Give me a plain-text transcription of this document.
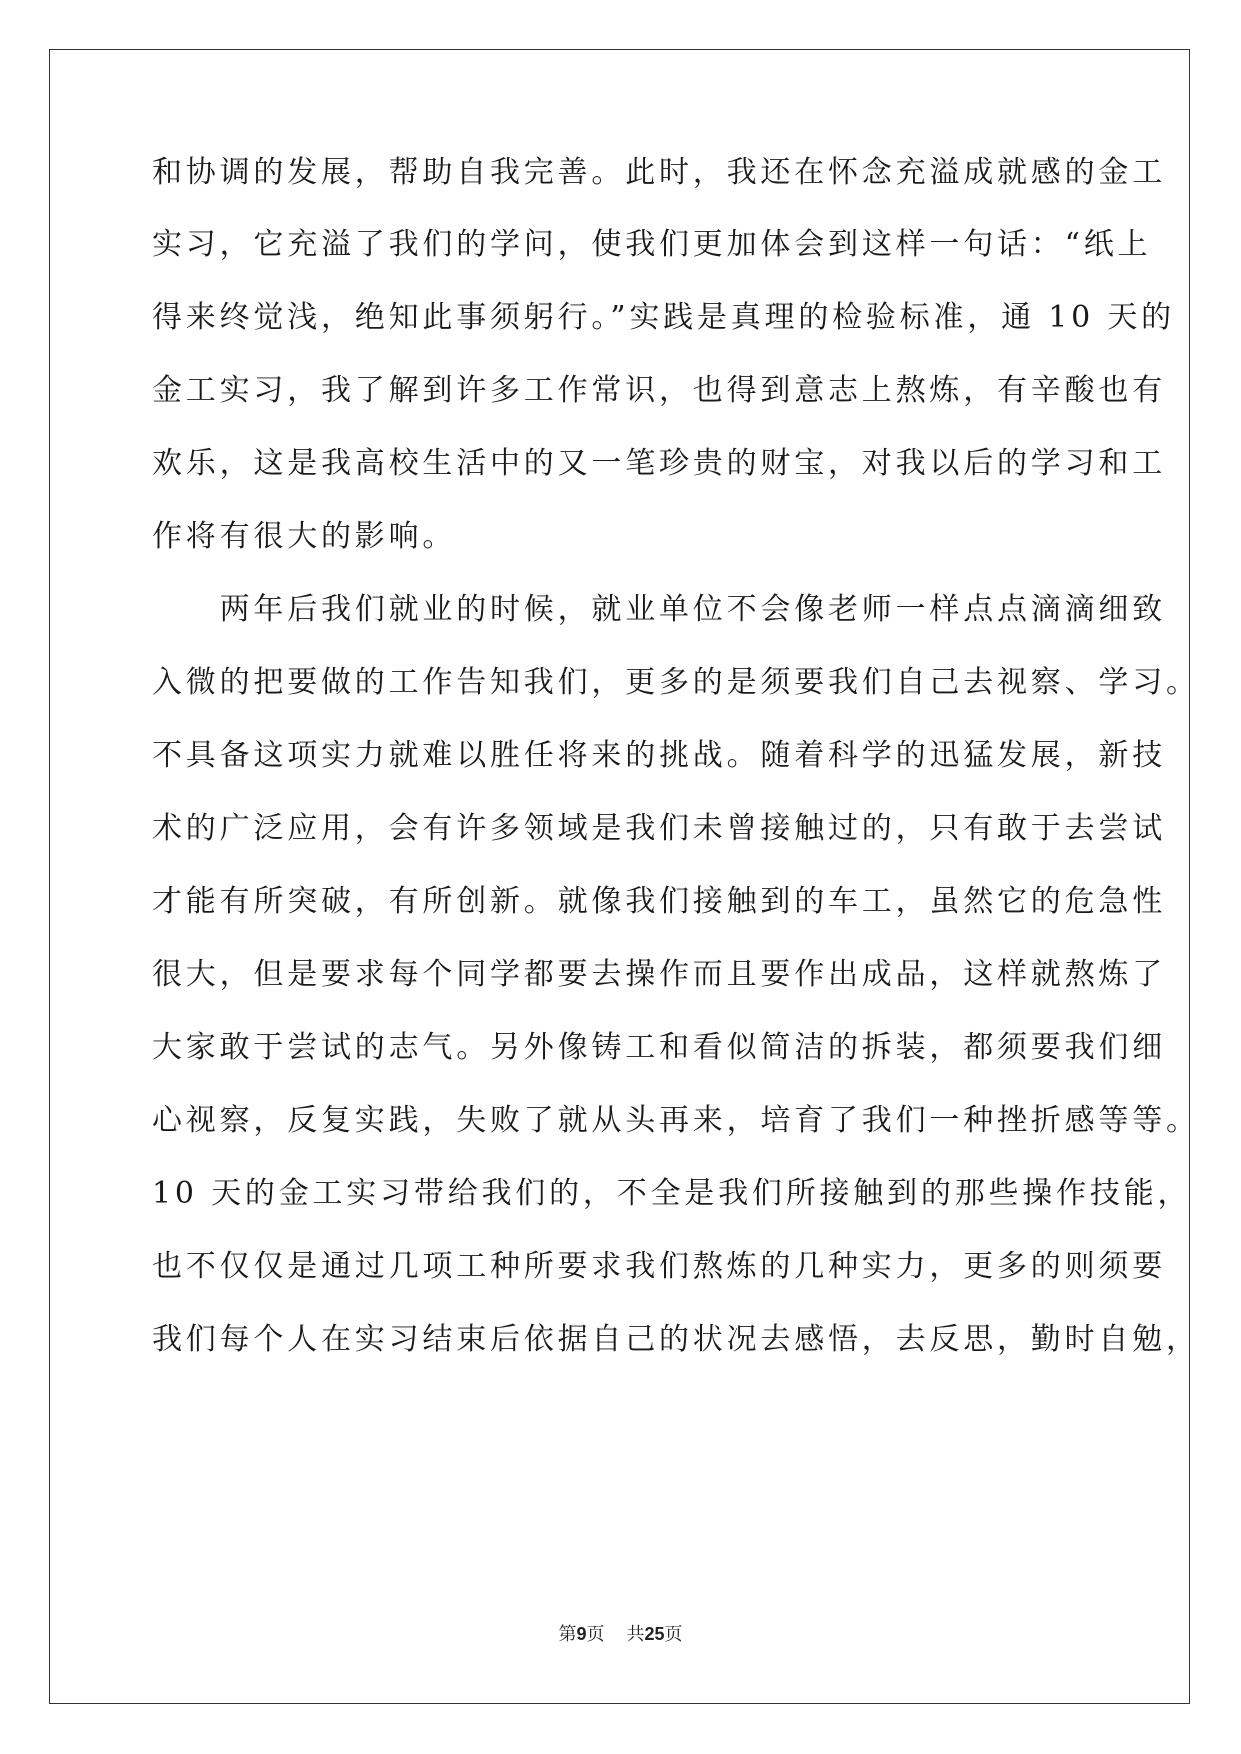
和协调的发展，帮助自我完善。此时，我还在怀念充溢成就感的金工
实习，它充溢了我们的学问，使我们更加体会到这样一句话：“纸上
得来终觉浅，绝知此事须躬行。”实践是真理的检验标准，通 10 天的
金工实习，我了解到许多工作常识，也得到意志上熬炼，有辛酸也有
欢乐，这是我高校生活中的又一笔珍贵的财宝，对我以后的学习和工
作将有很大的影响。
　　两年后我们就业的时候，就业单位不会像老师一样点点滴滴细致
入微的把要做的工作告知我们，更多的是须要我们自己去视察、学习。
不具备这项实力就难以胜任将来的挑战。随着科学的迅猛发展，新技
术的广泛应用，会有许多领域是我们未曾接触过的，只有敢于去尝试
才能有所突破，有所创新。就像我们接触到的车工，虽然它的危急性
很大，但是要求每个同学都要去操作而且要作出成品，这样就熬炼了
大家敢于尝试的志气。另外像铸工和看似简洁的拆装，都须要我们细
心视察，反复实践，失败了就从头再来，培育了我们一种挫折感等等。
10 天的金工实习带给我们的，不全是我们所接触到的那些操作技能，
也不仅仅是通过几项工种所要求我们熬炼的几种实力，更多的则须要
我们每个人在实习结束后依据自己的状况去感悟，去反思，勤时自勉，
第9页 共25页
